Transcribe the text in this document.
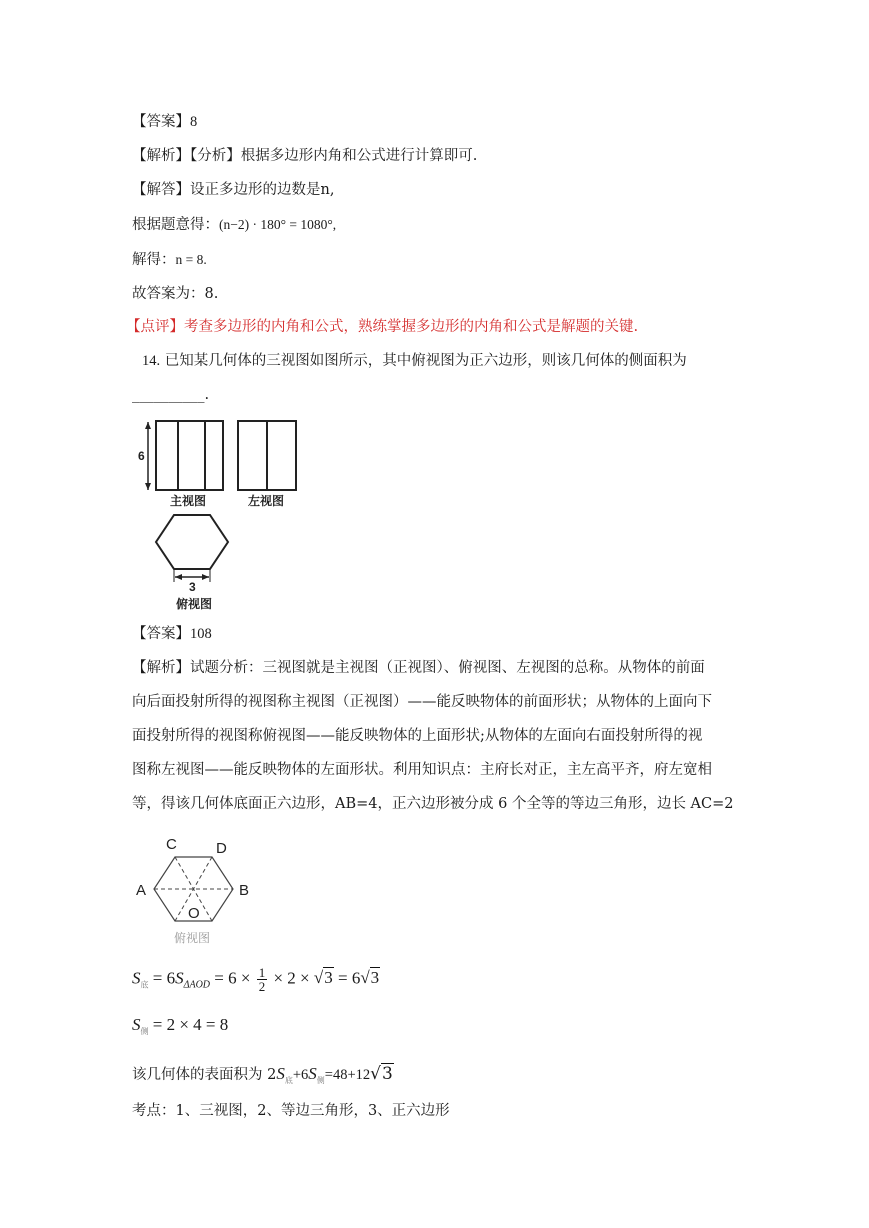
【答案】8
【解析】【分析】根据多边形内角和公式进行计算即可.
【解答】设正多边形的边数是n,
根据题意得：(n−2) · 180° = 1080°,
解得：n = 8.
故答案为：8.
【点评】考查多边形的内角和公式，熟练掌握多边形的内角和公式是解题的关键.
14. 已知某几何体的三视图如图所示，其中俯视图为正六边形，则该几何体的侧面积为
__________.
6
主视图	左视图
3
俯视图
【答案】108
【解析】试题分析：三视图就是主视图（正视图）、俯视图、左视图的总称。从物体的前面
向后面投射所得的视图称主视图（正视图）——能反映物体的前面形状；从物体的上面向下
面投射所得的视图称俯视图——能反映物体的上面形状;从物体的左面向右面投射所得的视
图称左视图——能反映物体的左面形状。利用知识点：主府长对正，主左高平齐，府左宽相
等，得该几何体底面正六边形，AB=4，正六边形被分成 6 个全等的等边三角形，边长 AC=2
C	D
A	B
O
俯视图
$S_底 = 6S_{\Delta AOD} = 6 \times \frac{1}{2} \times 2 \times √3 = 6√3$
$S_侧 = 2 \times 4 = 8$
该几何体的表面积为 $2S_底+6S_侧=48+12√3$
考点：1、三视图，2、等边三角形，3、正六边形
